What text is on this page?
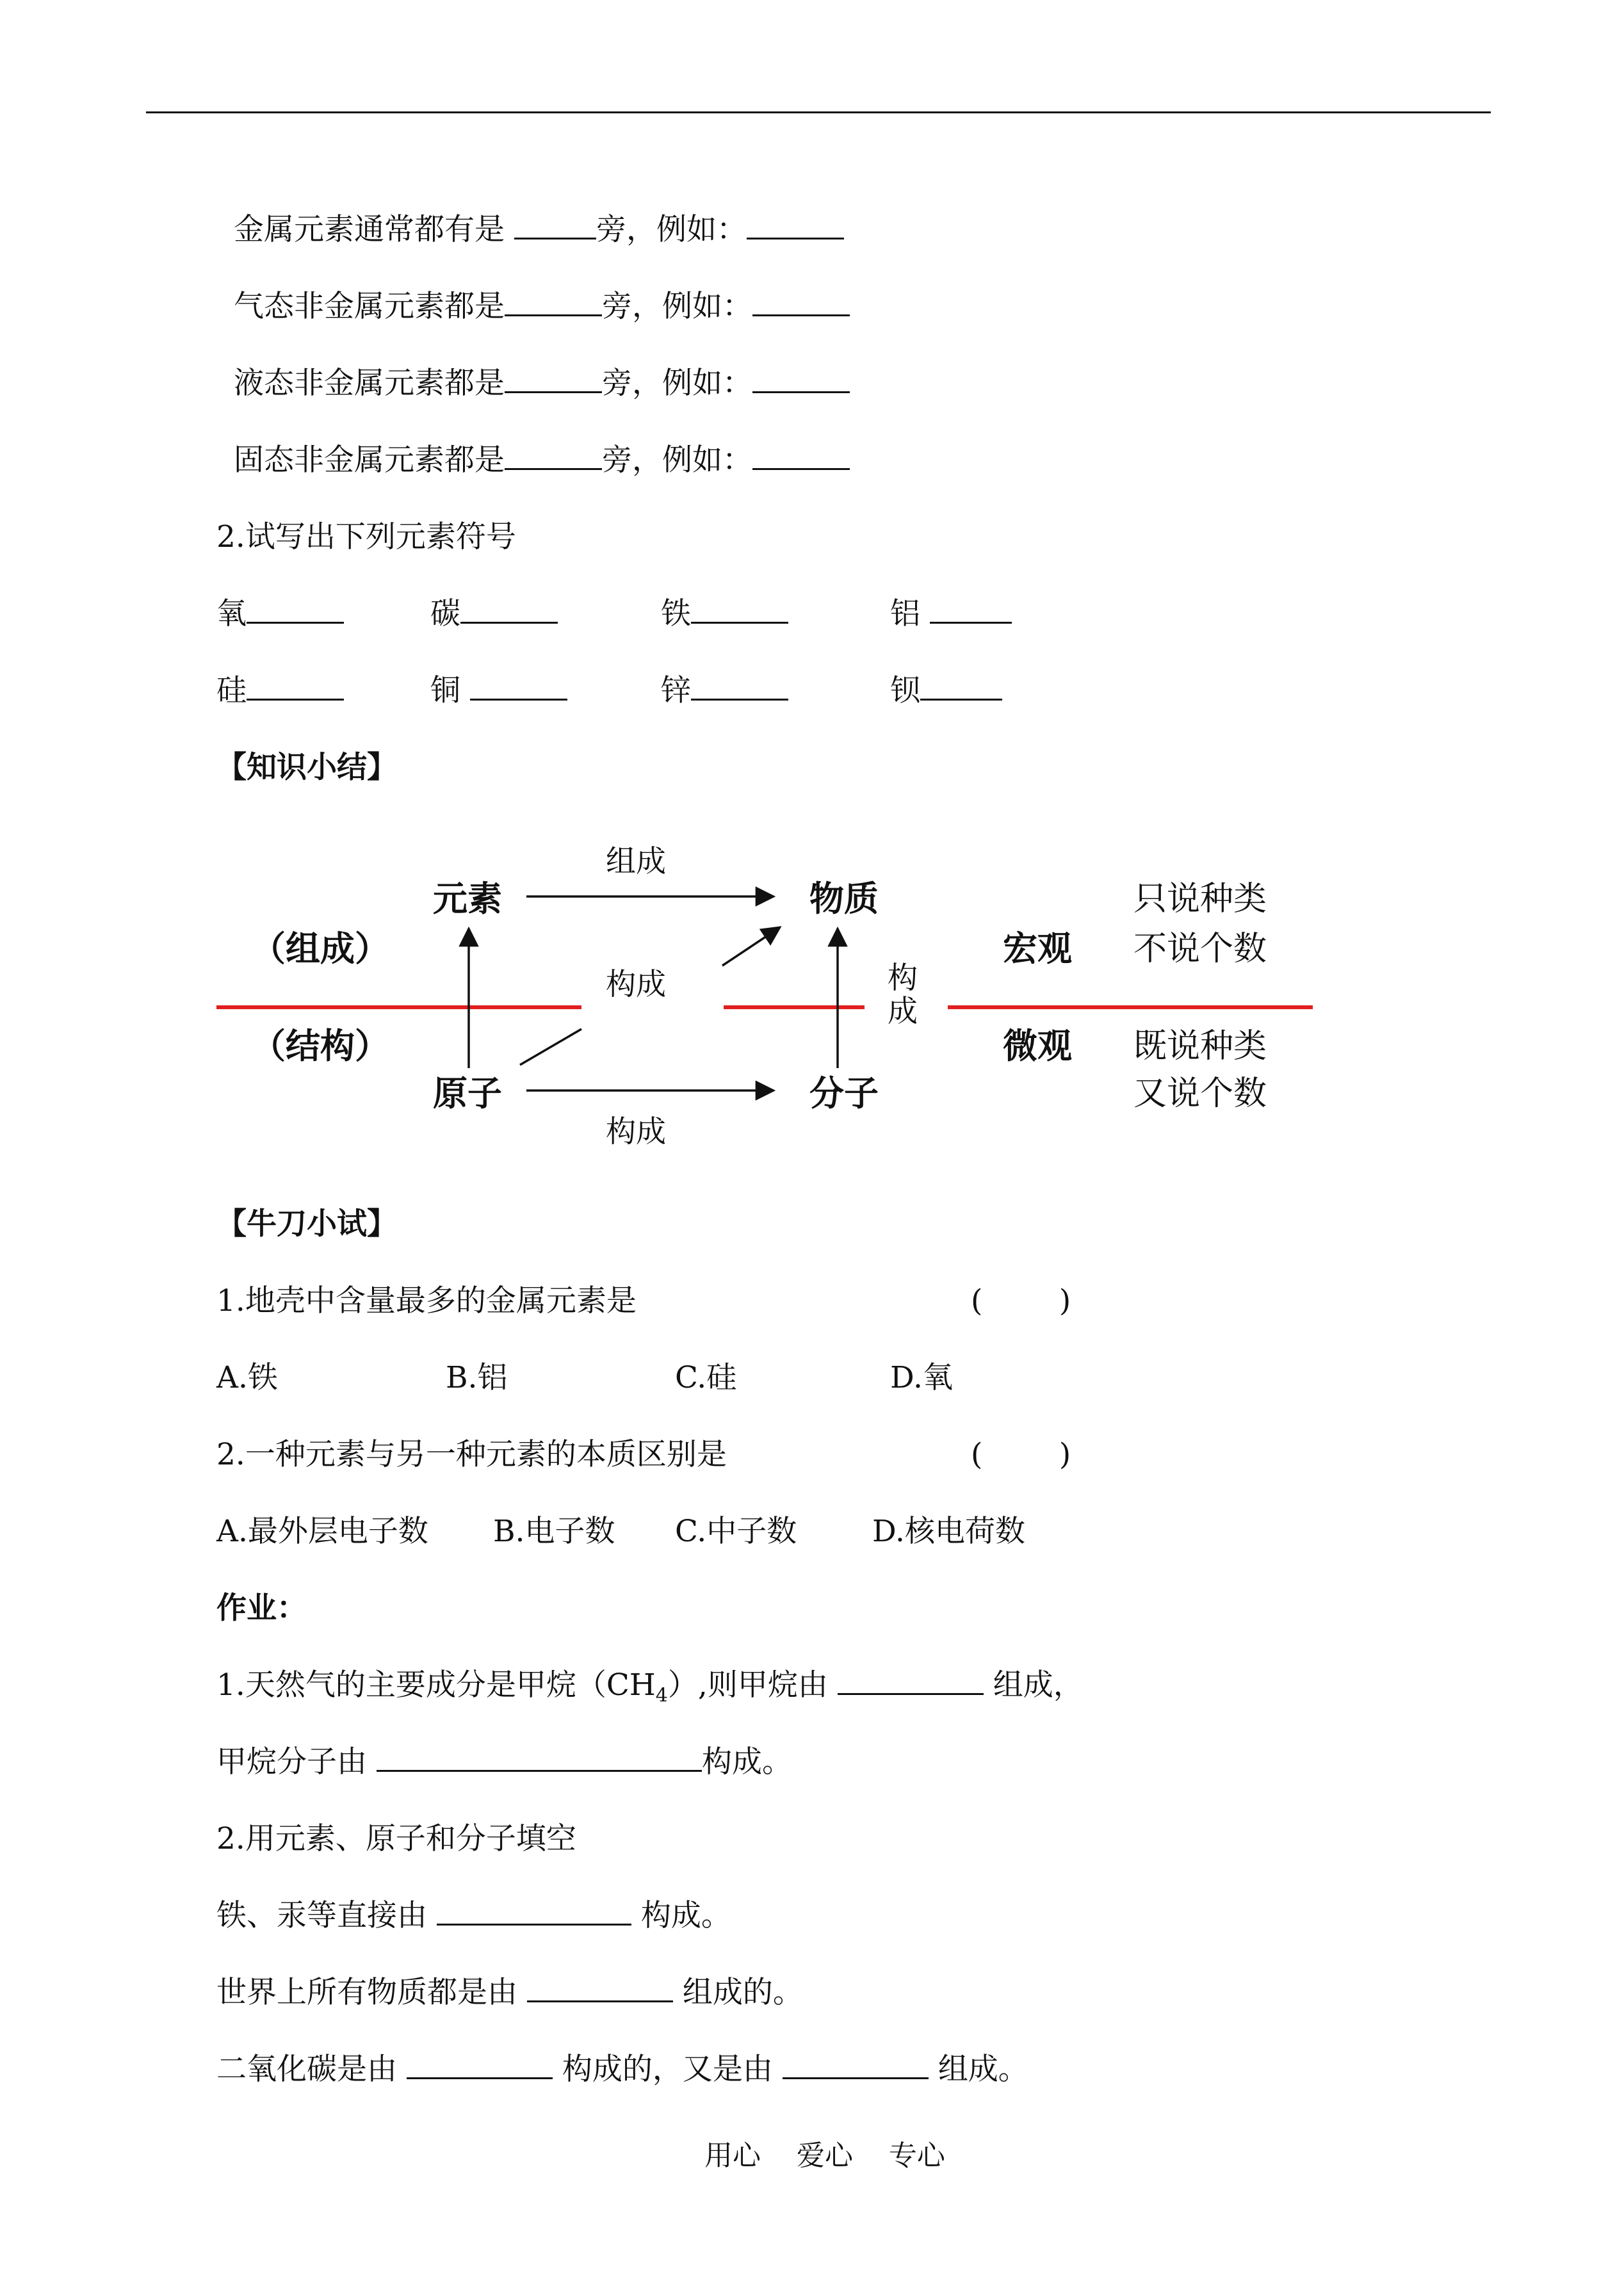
金属元素通常都有是	旁，例如：
气态非金属元素都是	旁，例如：
液态非金属元素都是	旁，例如：
固态非金属元素都是	旁，例如：
2.试写出下列元素符号
氧	碳	铁	铝
硅	铜	锌	钡
【知识小结】
元素	物质
原子	分子
组成
构成
构成
构
成
（组成）
（结构）
宏观
微观
只说种类
不说个数
既说种类
又说个数
【牛刀小试】
1.地壳中含量最多的金属元素是	(        )
A.铁	B.铝	C.硅	D.氧
2.一种元素与另一种元素的本质区别是	(        )
A.最外层电子数 B.电子数 C.中子数	D.核电荷数
作业：
1.天然气的主要成分是甲烷$(CH_4)$,则甲烷由	组成，
甲烷分子由	构成。
2.用元素、原子和分子填空
铁、汞等直接由	构成。
世界上所有物质都是由	组成的。
二氧化碳是由	构成的，又是由	组成。
用心 爱心 专心
